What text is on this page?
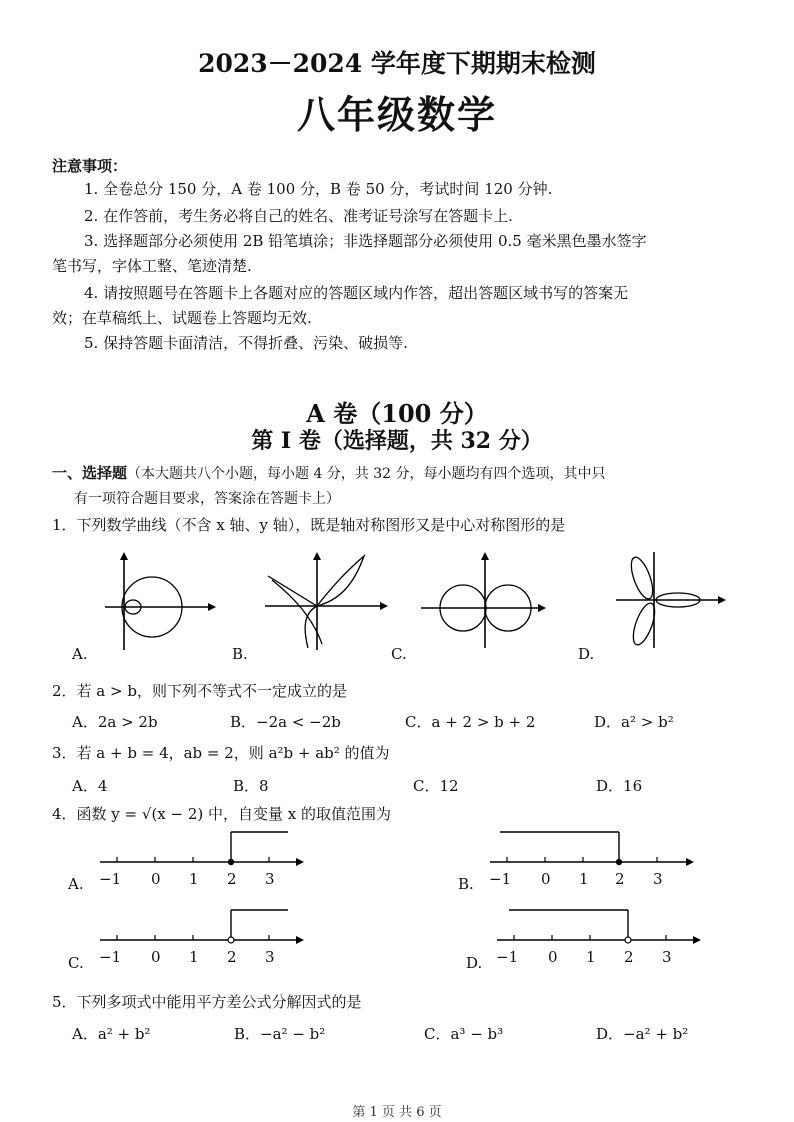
2023－2024 学年度下期期末检测
八年级数学
注意事项：
1. 全卷总分 150 分，A 卷 100 分，B 卷 50 分，考试时间 120 分钟.
2. 在作答前，考生务必将自己的姓名、准考证号涂写在答题卡上.
3. 选择题部分必须使用 2B 铅笔填涂；非选择题部分必须使用 0.5 毫米黑色墨水签字
笔书写，字体工整、笔迹清楚.
4. 请按照题号在答题卡上各题对应的答题区域内作答，超出答题区域书写的答案无
效；在草稿纸上、试题卷上答题均无效.
5. 保持答题卡面清洁，不得折叠、污染、破损等.
A 卷（100 分）
第 I 卷（选择题，共 32 分）
一、选择题（本大题共八个小题，每小题 4 分，共 32 分，每小题均有四个选项，其中只
有一项符合题目要求，答案涂在答题卡上）
1．下列数学曲线（不含 x 轴、y 轴），既是轴对称图形又是中心对称图形的是
A.	B.	C.	D.
2．若 a > b，则下列不等式不一定成立的是
A．2a > 2b	B．−2a < −2b	C．a + 2 > b + 2	D．a² > b²
3．若 a + b = 4，ab = 2，则 a²b + ab² 的值为
A．4	B．8	C．12	D．16
4．函数 y = √(x − 2) 中，自变量 x 的取值范围为
A.	B.
C.	D.
−1 0 1 2 3	−1 0 1 2 3
−1 0 1 2 3	−1 0 1 2 3
5．下列多项式中能用平方差公式分解因式的是
A．a² + b²	B．−a² − b²	C．a³ − b³	D．−a² + b²
第 1 页 共 6 页
